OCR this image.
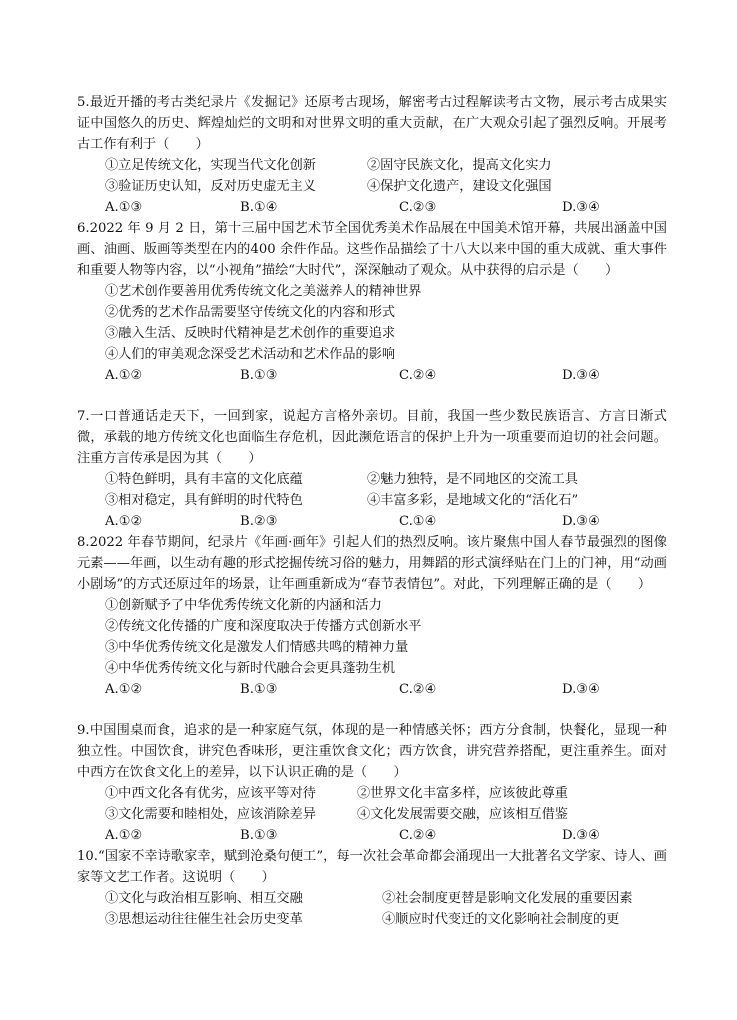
5.最近开播的考古类纪录片《发掘记》还原考古现场，解密考古过程解读考古文物，展示考古成果实证中国悠久的历史、辉煌灿烂的文明和对世界文明的重大贡献，在广大观众引起了强烈反响。开展考古工作有利于（　　）

①立足传统文化，实现当代文化创新	②固守民族文化，提高文化实力
③验证历史认知，反对历史虚无主义	④保护文化遗产，建设文化强国
A.①③	B.①④	C.②③	D.③④

6.2022 年 9 月 2 日，第十三届中国艺术节全国优秀美术作品展在中国美术馆开幕，共展出涵盖中国画、油画、版画等类型在内的400 余件作品。这些作品描绘了十八大以来中国的重大成就、重大事件和重要人物等内容，以“小视角”描绘“大时代”，深深触动了观众。从中获得的启示是（　　）

①艺术创作要善用优秀传统文化之美滋养人的精神世界
②优秀的艺术作品需要坚守传统文化的内容和形式
③融入生活、反映时代精神是艺术创作的重要追求
④人们的审美观念深受艺术活动和艺术作品的影响
A.①②	B.①③	C.②④	D.③④

7.一口普通话走天下，一回到家，说起方言格外亲切。目前，我国一些少数民族语言、方言日渐式微，承载的地方传统文化也面临生存危机，因此濒危语言的保护上升为一项重要而迫切的社会问题。注重方言传承是因为其（　　）

①特色鲜明，具有丰富的文化底蕴	②魅力独特，是不同地区的交流工具
③相对稳定，具有鲜明的时代特色	④丰富多彩，是地域文化的“活化石”
A.①②	B.②③	C.①④	D.③④

8.2022 年春节期间，纪录片《年画·画年》引起人们的热烈反响。该片聚焦中国人春节最强烈的图像元素——年画，以生动有趣的形式挖掘传统习俗的魅力，用舞蹈的形式演绎贴在门上的门神，用“动画小剧场”的方式还原过年的场景，让年画重新成为“春节表情包”。对此，下列理解正确的是（　　）

①创新赋予了中华优秀传统文化新的内涵和活力
②传统文化传播的广度和深度取决于传播方式创新水平
③中华优秀传统文化是激发人们情感共鸣的精神力量
④中华优秀传统文化与新时代融合会更具蓬勃生机
A.①②	B.①③	C.②④	D.③④

9.中国围桌而食，追求的是一种家庭气氛，体现的是一种情感关怀；西方分食制，快餐化，显现一种独立性。中国饮食，讲究色香味形，更注重饮食文化；西方饮食，讲究营养搭配，更注重养生。面对中西方在饮食文化上的差异，以下认识正确的是（　　）

①中西文化各有优劣，应该平等对待	②世界文化丰富多样，应该彼此尊重
③文化需要和睦相处，应该消除差异	④文化发展需要交融，应该相互借鉴
A.①②	B.①③	C.②④	D.③④

10.“国家不幸诗歌家幸，赋到沧桑句便工”，每一次社会革命都会涌现出一大批著名文学家、诗人、画家等文艺工作者。这说明（　　）

①文化与政治相互影响、相互交融	②社会制度更替是影响文化发展的重要因素
③思想运动往往催生社会历史变革	④顺应时代变迁的文化影响社会制度的更
